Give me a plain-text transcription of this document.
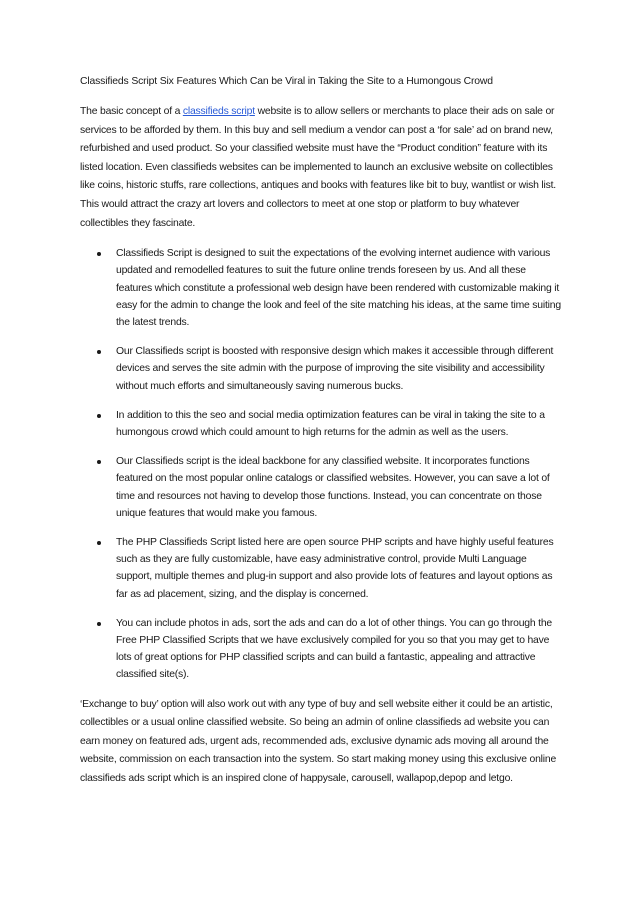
Classifieds Script Six Features Which Can be Viral in Taking the Site to a Humongous Crowd

The basic concept of a classifieds script website is to allow sellers or merchants to place their ads on sale or services to be afforded by them. In this buy and sell medium a vendor can post a ‘for sale’ ad on brand new, refurbished and used product. So your classified website must have the “Product condition” feature with its listed location. Even classifieds websites can be implemented to launch an exclusive website on collectibles like coins, historic stuffs, rare collections, antiques and books with features like bit to buy, wantlist or wish list. This would attract the crazy art lovers and collectors to meet at one stop or platform to buy whatever collectibles they fascinate.

Classifieds Script is designed to suit the expectations of the evolving internet audience with various updated and remodelled features to suit the future online trends foreseen by us. And all these features which constitute a professional web design have been rendered with customizable making it easy for the admin to change the look and feel of the site matching his ideas, at the same time suiting the latest trends.
Our Classifieds script is boosted with responsive design which makes it accessible through different devices and serves the site admin with the purpose of improving the site visibility and accessibility without much efforts and simultaneously saving numerous bucks.
In addition to this the seo and social media optimization features can be viral in taking the site to a humongous crowd which could amount to high returns for the admin as well as the users.
Our Classifieds script is the ideal backbone for any classified website. It incorporates functions featured on the most popular online catalogs or classified websites. However, you can save a lot of time and resources not having to develop those functions. Instead, you can concentrate on those unique features that would make you famous.
The PHP Classifieds Script listed here are open source PHP scripts and have highly useful features such as they are fully customizable, have easy administrative control, provide Multi Language support, multiple themes and plug-in support and also provide lots of features and layout options as far as ad placement, sizing, and the display is concerned.
You can include photos in ads, sort the ads and can do a lot of other things. You can go through the Free PHP Classified Scripts that we have exclusively compiled for you so that you may get to have lots of great options for PHP classified scripts and can build a fantastic, appealing and attractive classified site(s).

‘Exchange to buy’ option will also work out with any type of buy and sell website either it could be an artistic, collectibles or a usual online classified website. So being an admin of online classifieds ad website you can earn money on featured ads, urgent ads, recommended ads, exclusive dynamic ads moving all around the website, commission on each transaction into the system. So start making money using this exclusive online classifieds ads script which is an inspired clone of happysale, carousell, wallapop,depop and letgo.
